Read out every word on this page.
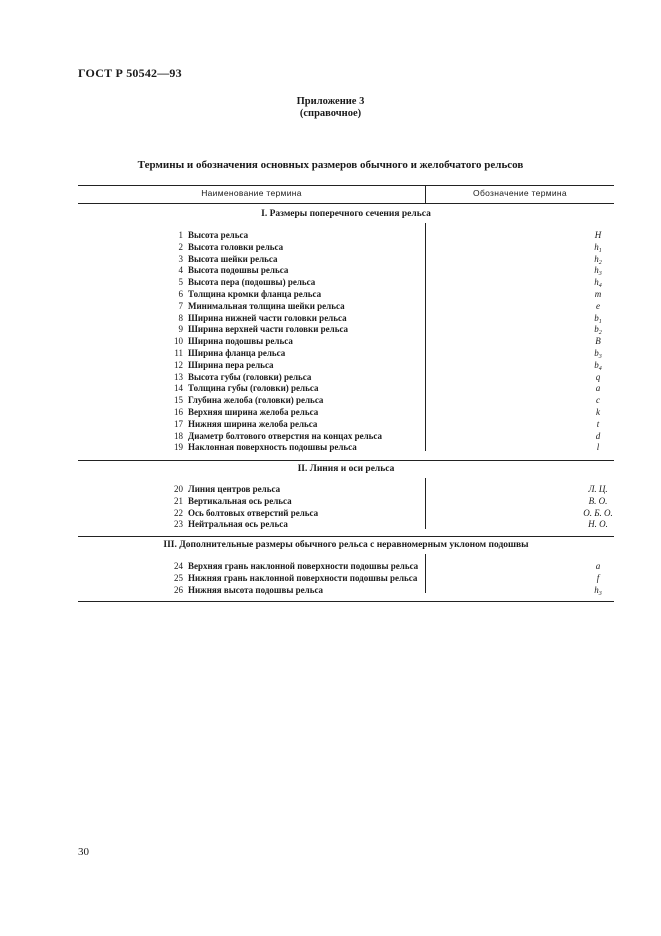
ГОСТ Р 50542—93
Приложение 3
(справочное)
Термины и обозначения основных размеров обычного и желобчатого рельсов
Наименование термина	Обозначение термина
I. Размеры поперечного сечения рельса
1 Высота рельса	H
2 Высота головки рельса	$h_1$
3 Высота шейки рельса	$h_2$
4 Высота подошвы рельса	$h_3$
5 Высота пера (подошвы) рельса	$h_4$
6 Толщина кромки фланца рельса	m
7 Минимальная толщина шейки рельса	e
8 Ширина нижней части головки рельса	$b_1$
9 Ширина верхней части головки рельса	$b_2$
10 Ширина подошвы рельса	B
11 Ширина фланца рельса	$b_3$
12 Ширина пера рельса	$b_4$
13 Высота губы (головки) рельса	q
14 Толщина губы (головки) рельса	a
15 Глубина желоба (головки) рельса	c
16 Верхняя ширина желоба рельса	k
17 Нижняя ширина желоба рельса	t
18 Диаметр болтового отверстия на концах рельса	d
19 Наклонная поверхность подошвы рельса	l
II. Линия и оси рельса
20 Линия центров рельса	Л. Ц.
21 Вертикальная ось рельса	В. О.
22 Ось болтовых отверстий рельса	О. Б. О.
23 Нейтральная ось рельса	Н. О.
III. Дополнительные размеры обычного рельса с неравномерным уклоном подошвы
24 Верхняя грань наклонной поверхности подошвы рельса	a
25 Нижняя грань наклонной поверхности подошвы рельса	f
26 Нижняя высота подошвы рельса	$h_3$
30
